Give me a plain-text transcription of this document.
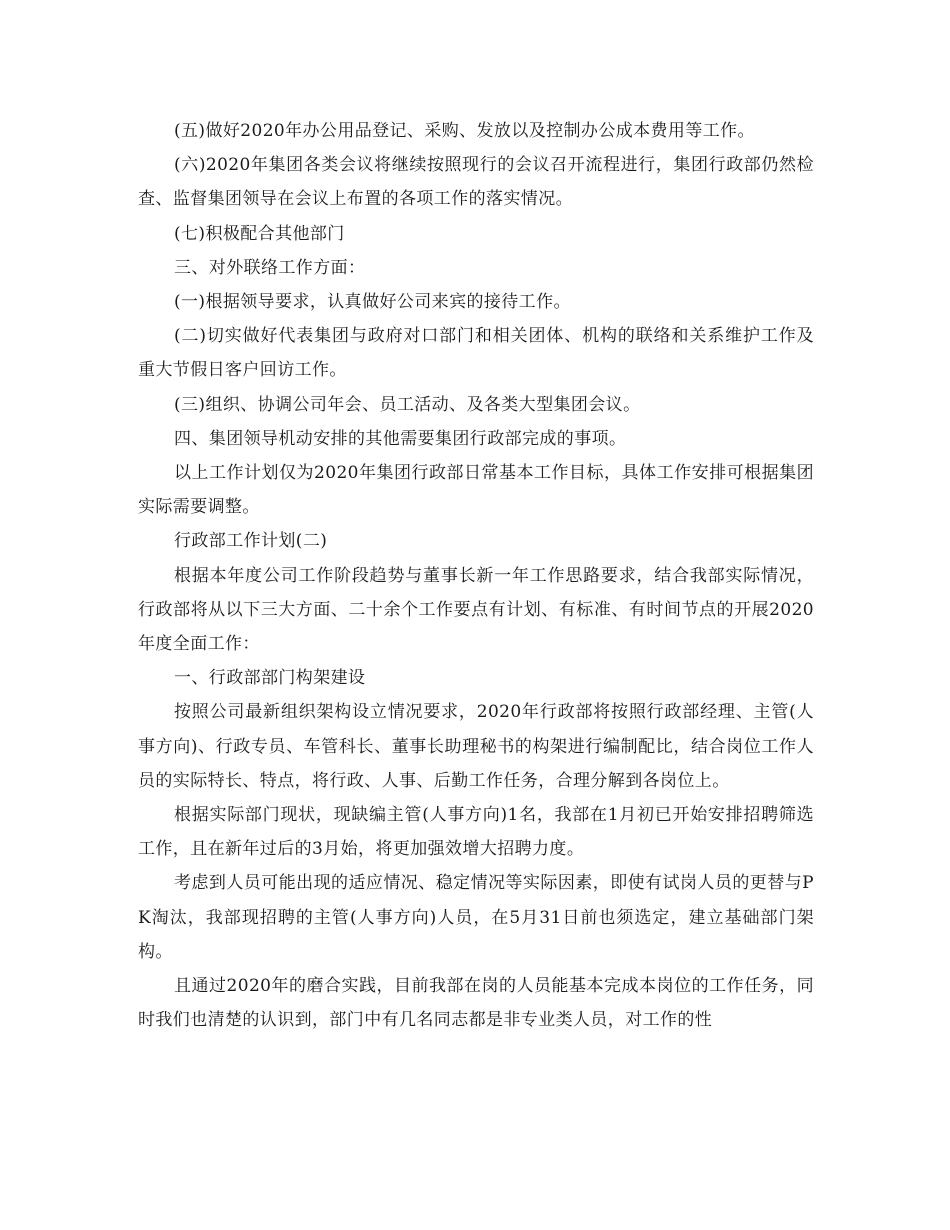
(五)做好2020年办公用品登记、采购、发放以及控制办公成本费用等工作。

(六)2020年集团各类会议将继续按照现行的会议召开流程进行，集团行政部仍然检查、监督集团领导在会议上布置的各项工作的落实情况。

(七)积极配合其他部门

三、对外联络工作方面：

(一)根据领导要求，认真做好公司来宾的接待工作。

(二)切实做好代表集团与政府对口部门和相关团体、机构的联络和关系维护工作及重大节假日客户回访工作。

(三)组织、协调公司年会、员工活动、及各类大型集团会议。

四、集团领导机动安排的其他需要集团行政部完成的事项。

以上工作计划仅为2020年集团行政部日常基本工作目标，具体工作安排可根据集团实际需要调整。

行政部工作计划(二)

根据本年度公司工作阶段趋势与董事长新一年工作思路要求，结合我部实际情况，行政部将从以下三大方面、二十余个工作要点有计划、有标准、有时间节点的开展2020年度全面工作：

一、行政部部门构架建设

按照公司最新组织架构设立情况要求，2020年行政部将按照行政部经理、主管(人事方向)、行政专员、车管科长、董事长助理秘书的构架进行编制配比，结合岗位工作人员的实际特长、特点，将行政、人事、后勤工作任务，合理分解到各岗位上。

根据实际部门现状，现缺编主管(人事方向)1名，我部在1月初已开始安排招聘筛选工作，且在新年过后的3月始，将更加强效增大招聘力度。

考虑到人员可能出现的适应情况、稳定情况等实际因素，即使有试岗人员的更替与PK淘汰，我部现招聘的主管(人事方向)人员，在5月31日前也须选定，建立基础部门架构。

且通过2020年的磨合实践，目前我部在岗的人员能基本完成本岗位的工作任务，同时我们也清楚的认识到，部门中有几名同志都是非专业类人员，对工作的性
